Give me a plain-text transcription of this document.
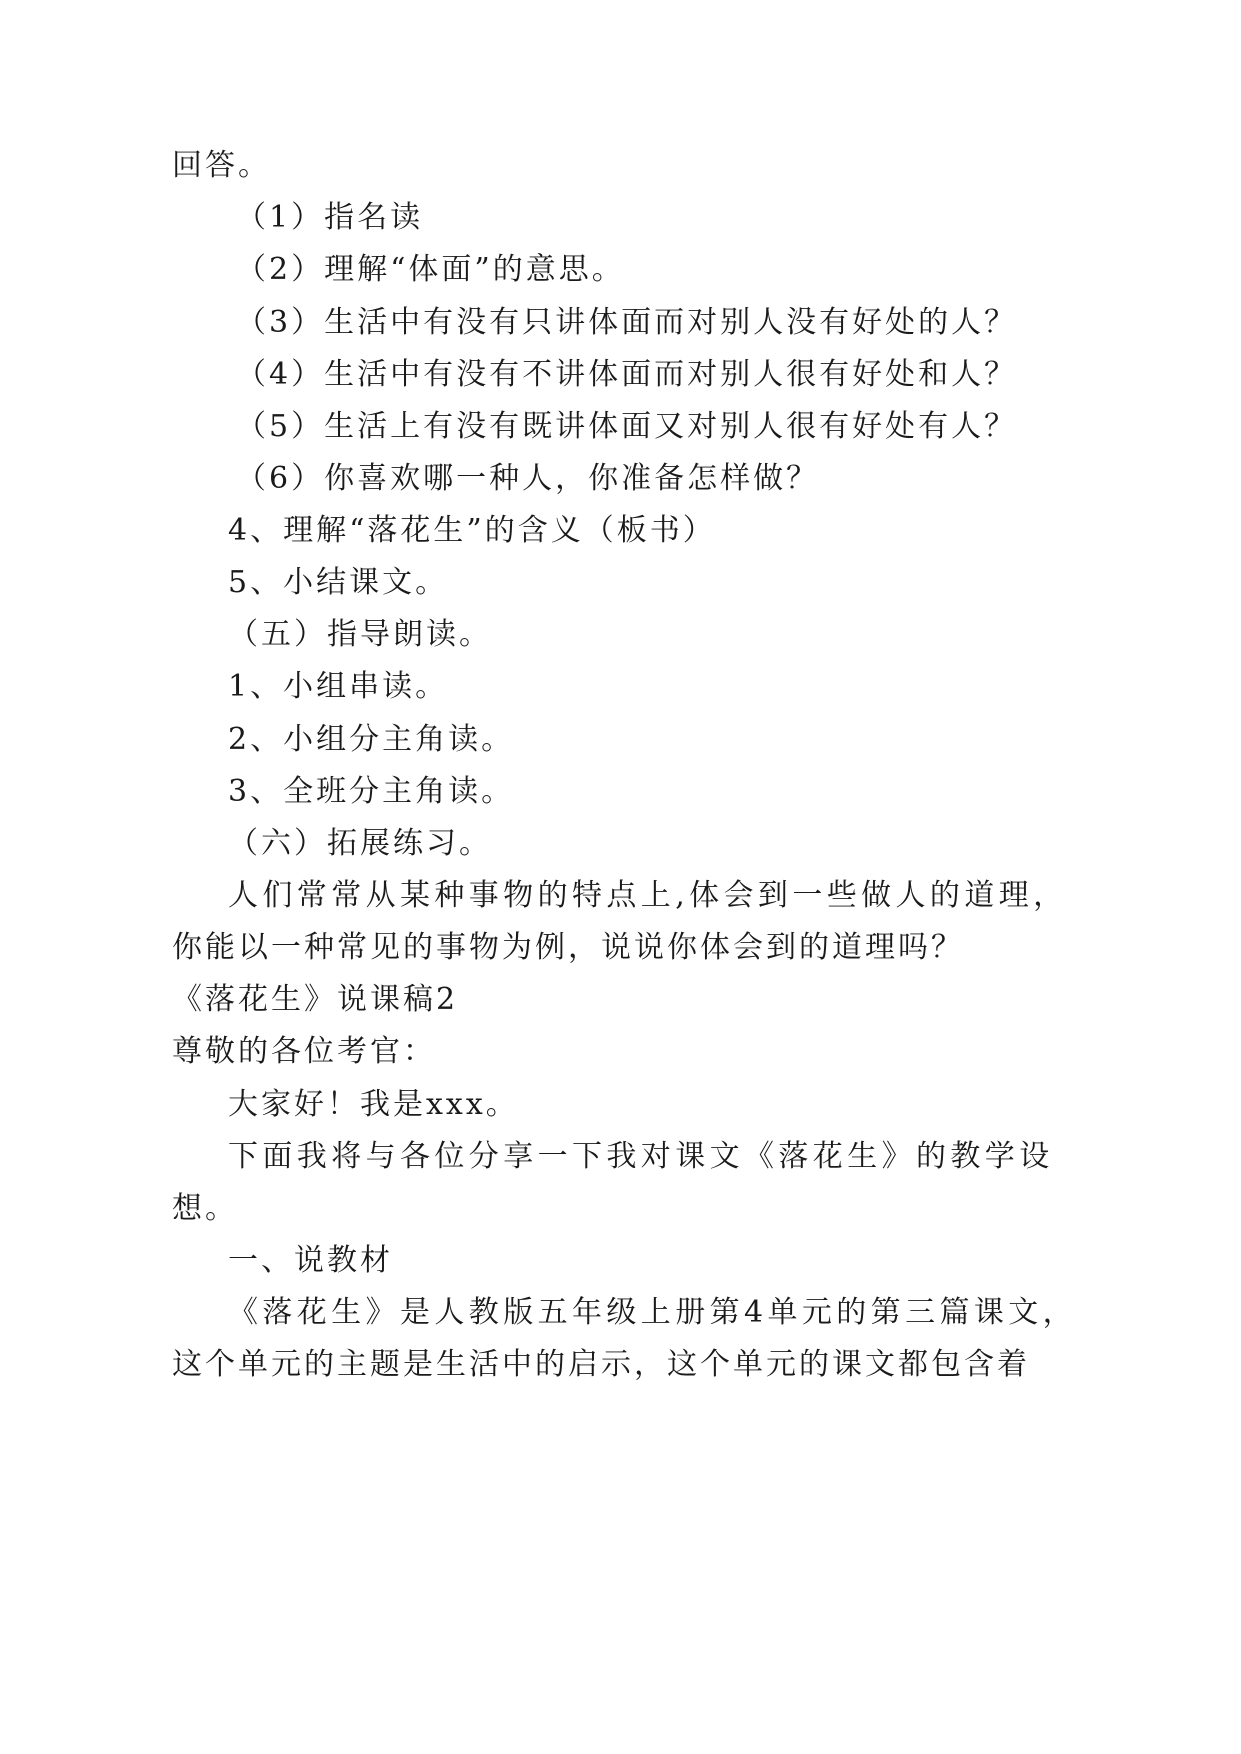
回答。
（1）指名读
（2）理解“体面”的意思。
（3）生活中有没有只讲体面而对别人没有好处的人？
（4）生活中有没有不讲体面而对别人很有好处和人？
（5）生活上有没有既讲体面又对别人很有好处有人？
（6）你喜欢哪一种人，你准备怎样做？
4、理解“落花生”的含义（板书）
5、小结课文。
（五）指导朗读。
1、小组串读。
2、小组分主角读。
3、全班分主角读。
（六）拓展练习。
人们常常从某种事物的特点上,体会到一些做人的道理，
你能以一种常见的事物为例，说说你体会到的道理吗？
《落花生》说课稿2
尊敬的各位考官：
大家好！我是xxx。
下面我将与各位分享一下我对课文《落花生》的教学设
想。
一、说教材
《落花生》是人教版五年级上册第4单元的第三篇课文，
这个单元的主题是生活中的启示，这个单元的课文都包含着
